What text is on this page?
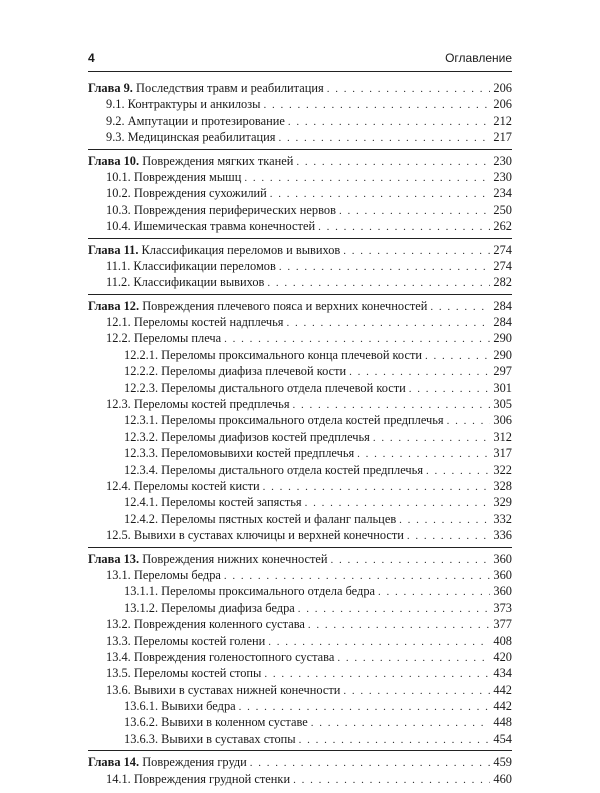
4	Оглавление
Глава 9. Последствия травм и реабилитация . . .	206
9.1. Контрактуры и анкилозы . . .	206
9.2. Ампутации и протезирование . . .	212
9.3. Медицинская реабилитация . . .	217
Глава 10. Повреждения мягких тканей . . .	230
10.1. Повреждения мышц . . .	230
10.2. Повреждения сухожилий . . .	234
10.3. Повреждения периферических нервов . . .	250
10.4. Ишемическая травма конечностей . . .	262
Глава 11. Классификация переломов и вывихов . . .	274
11.1. Классификации переломов . . .	274
11.2. Классификации вывихов . . .	282
Глава 12. Повреждения плечевого пояса и верхних конечностей . . .	284
12.1. Переломы костей надплечья . . .	284
12.2. Переломы плеча . . .	290
12.2.1. Переломы проксимального конца плечевой кости . . .	290
12.2.2. Переломы диафиза плечевой кости . . .	297
12.2.3. Переломы дистального отдела плечевой кости . . .	301
12.3. Переломы костей предплечья . . .	305
12.3.1. Переломы проксимального отдела костей предплечья . . .	306
12.3.2. Переломы диафизов костей предплечья . . .	312
12.3.3. Переломовывихи костей предплечья . . .	317
12.3.4. Переломы дистального отдела костей предплечья . . .	322
12.4. Переломы костей кисти . . .	328
12.4.1. Переломы костей запястья . . .	329
12.4.2. Переломы пястных костей и фаланг пальцев . . .	332
12.5. Вывихи в суставах ключицы и верхней конечности . . .	336
Глава 13. Повреждения нижних конечностей . . .	360
13.1. Переломы бедра . . .	360
13.1.1. Переломы проксимального отдела бедра . . .	360
13.1.2. Переломы диафиза бедра . . .	373
13.2. Повреждения коленного сустава . . .	377
13.3. Переломы костей голени . . .	408
13.4. Повреждения голеностопного сустава . . .	420
13.5. Переломы костей стопы . . .	434
13.6. Вывихи в суставах нижней конечности . . .	442
13.6.1. Вывихи бедра . . .	442
13.6.2. Вывихи в коленном суставе . . .	448
13.6.3. Вывихи в суставах стопы . . .	454
Глава 14. Повреждения груди . . .	459
14.1. Повреждения грудной стенки . . .	460
